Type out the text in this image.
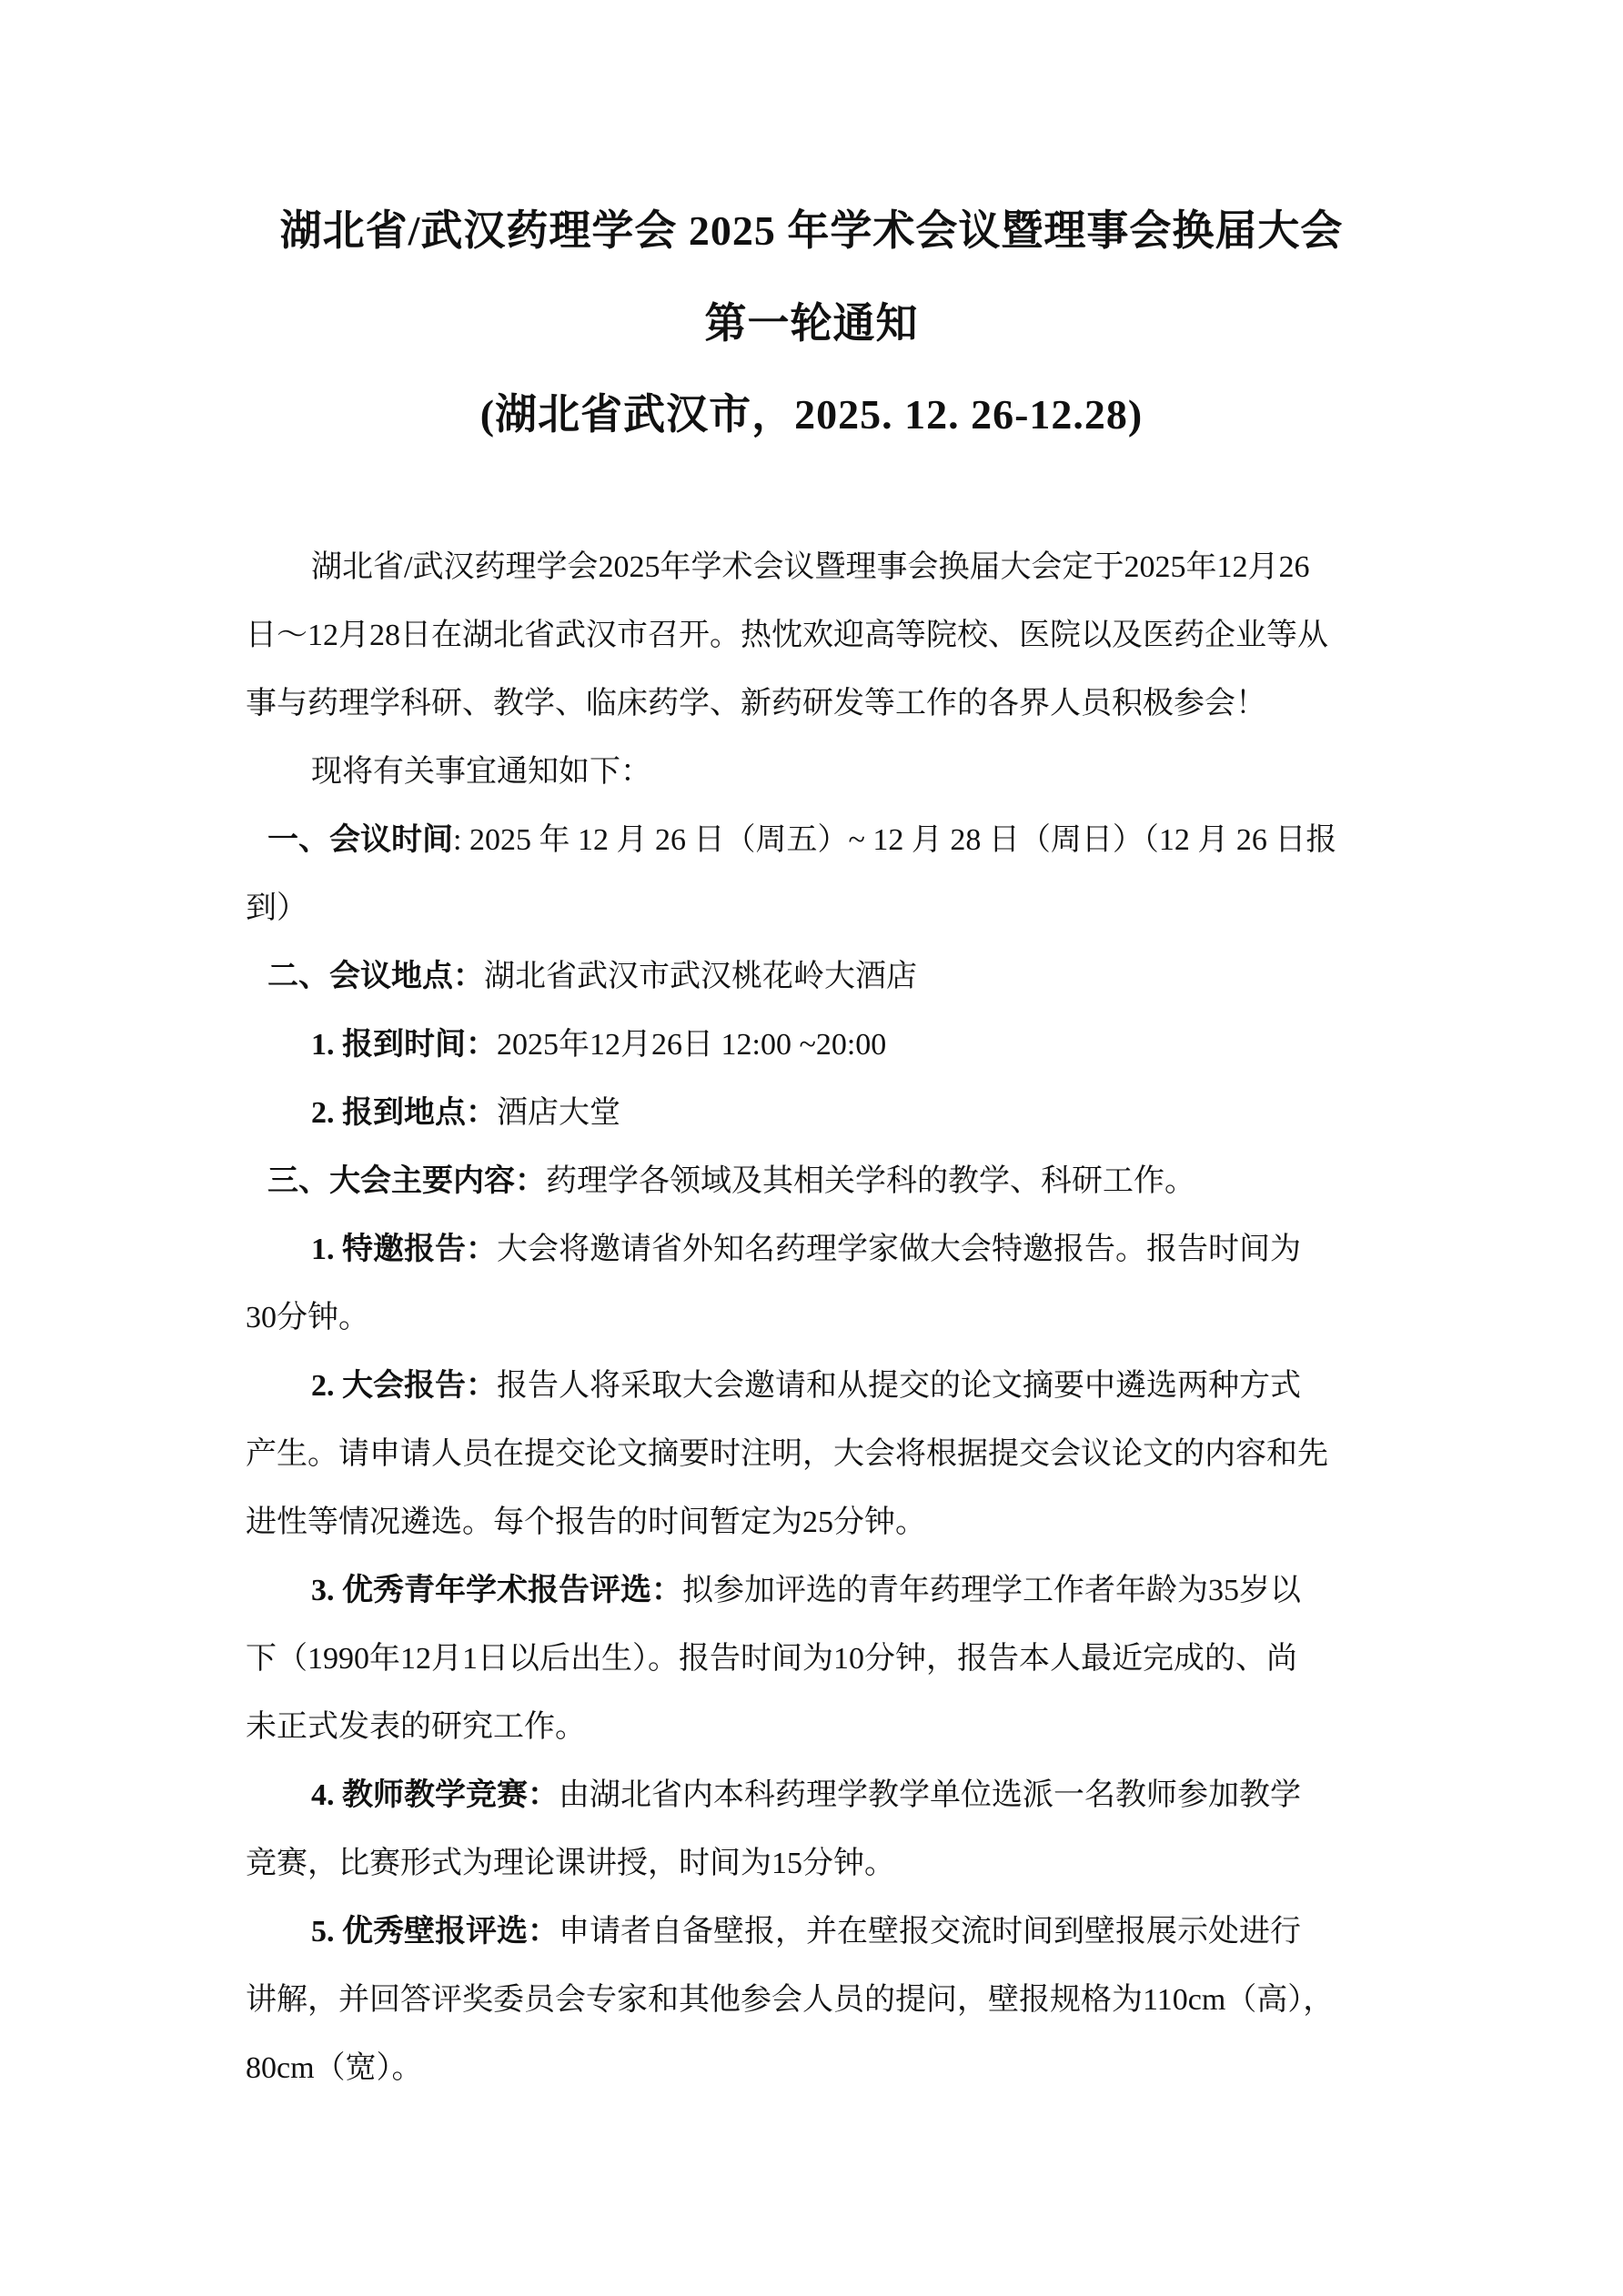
湖北省/武汉药理学会 2025 年学术会议暨理事会换届大会
第一轮通知
(湖北省武汉市，2025. 12. 26-12.28)
湖北省/武汉药理学会2025年学术会议暨理事会换届大会定于2025年12月26
日～12月28日在湖北省武汉市召开。热忱欢迎高等院校、医院以及医药企业等从
事与药理学科研、教学、临床药学、新药研发等工作的各界人员积极参会！
现将有关事宜通知如下：
一、会议时间: 2025 年 12 月 26 日（周五）~ 12 月 28 日（周日）（12 月 26 日报
到）
二、会议地点：湖北省武汉市武汉桃花岭大酒店
1. 报到时间：2025年12月26日 12:00 ~20:00
2. 报到地点：酒店大堂
三、大会主要内容：药理学各领域及其相关学科的教学、科研工作。
1. 特邀报告：大会将邀请省外知名药理学家做大会特邀报告。报告时间为
30分钟。
2. 大会报告：报告人将采取大会邀请和从提交的论文摘要中遴选两种方式
产生。请申请人员在提交论文摘要时注明，大会将根据提交会议论文的内容和先
进性等情况遴选。每个报告的时间暂定为25分钟。
3. 优秀青年学术报告评选：拟参加评选的青年药理学工作者年龄为35岁以
下（1990年12月1日以后出生）。报告时间为10分钟，报告本人最近完成的、尚
未正式发表的研究工作。
4. 教师教学竞赛：由湖北省内本科药理学教学单位选派一名教师参加教学
竞赛，比赛形式为理论课讲授，时间为15分钟。
5. 优秀壁报评选：申请者自备壁报，并在壁报交流时间到壁报展示处进行
讲解，并回答评奖委员会专家和其他参会人员的提问，壁报规格为110cm（高），
80cm（宽）。
